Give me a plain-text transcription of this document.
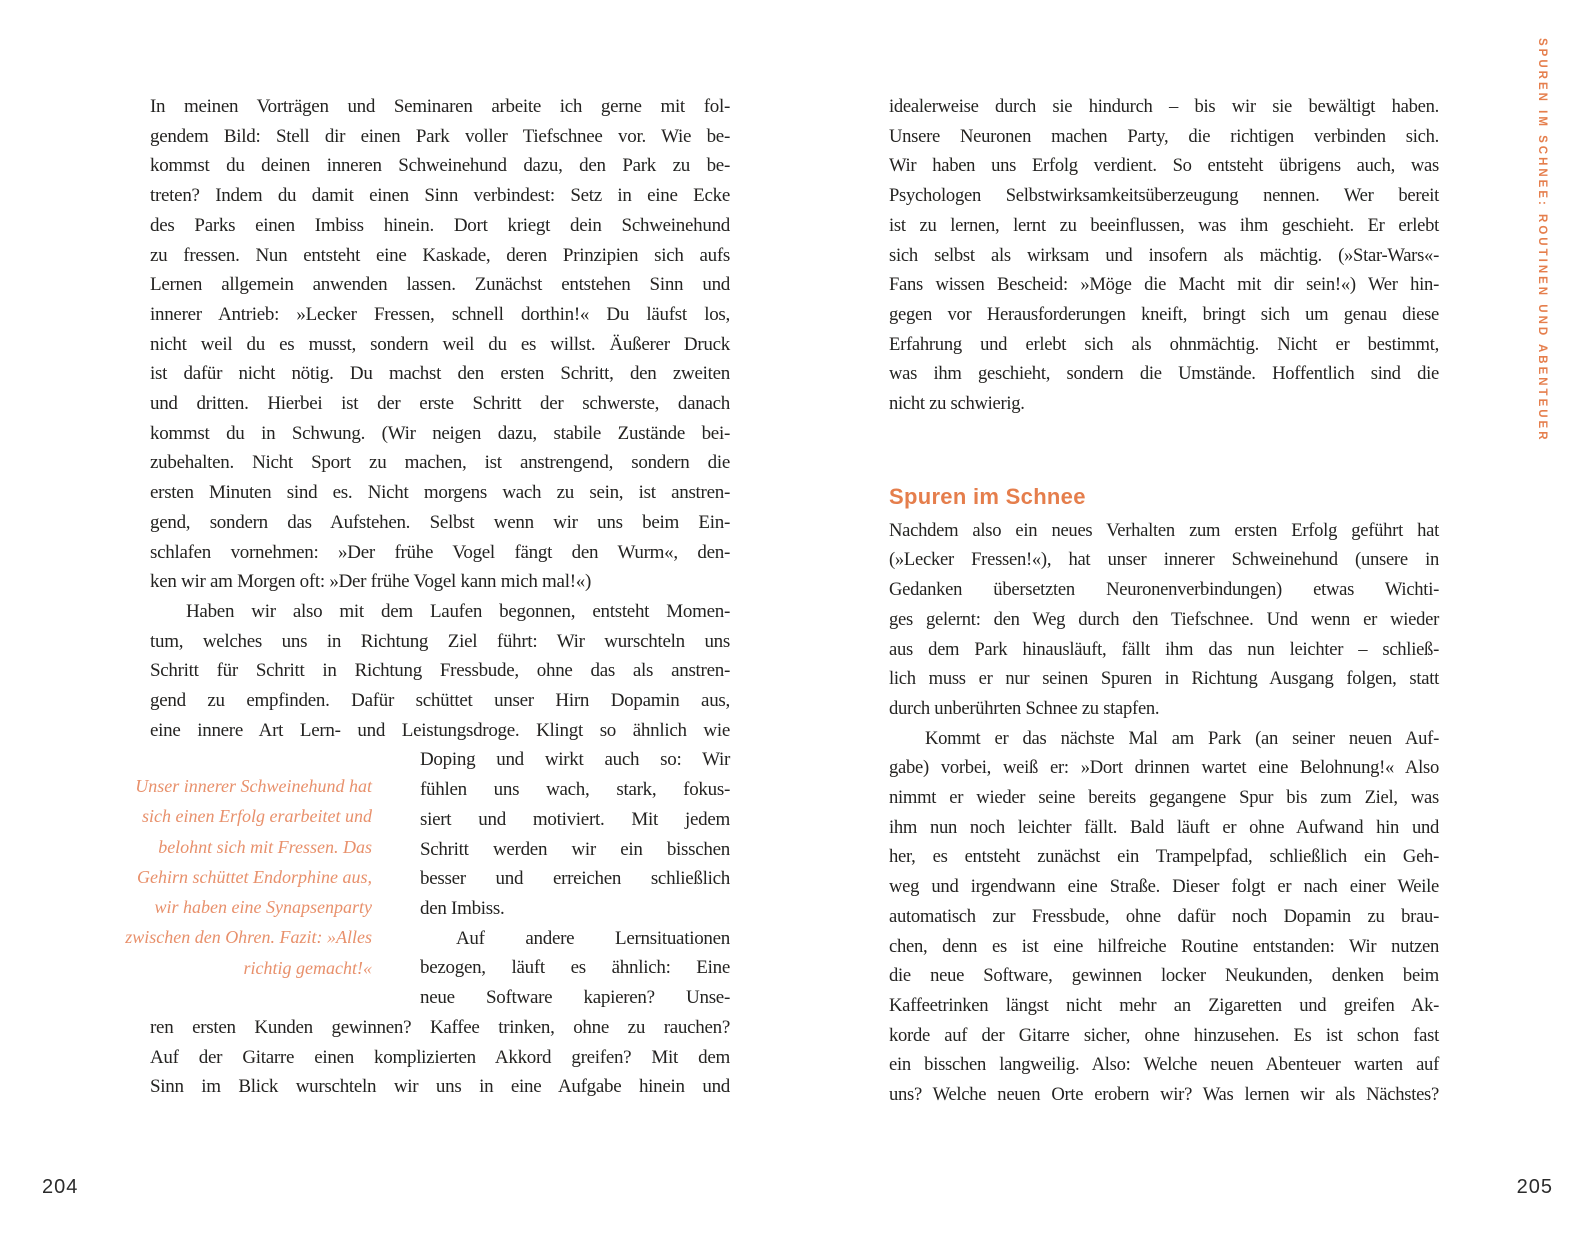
In meinen Vorträgen und Seminaren arbeite ich gerne mit fol-
gendem Bild: Stell dir einen Park voller Tiefschnee vor. Wie be-
kommst du deinen inneren Schweinehund dazu, den Park zu be-
treten? Indem du damit einen Sinn verbindest: Setz in eine Ecke
des Parks einen Imbiss hinein. Dort kriegt dein Schweinehund
zu fressen. Nun entsteht eine Kaskade, deren Prinzipien sich aufs
Lernen allgemein anwenden lassen. Zunächst entstehen Sinn und
innerer Antrieb: »Lecker Fressen, schnell dorthin!« Du läufst los,
nicht weil du es musst, sondern weil du es willst. Äußerer Druck
ist dafür nicht nötig. Du machst den ersten Schritt, den zweiten
und dritten. Hierbei ist der erste Schritt der schwerste, danach
kommst du in Schwung. (Wir neigen dazu, stabile Zustände bei-
zubehalten. Nicht Sport zu machen, ist anstrengend, sondern die
ersten Minuten sind es. Nicht morgens wach zu sein, ist anstren-
gend, sondern das Aufstehen. Selbst wenn wir uns beim Ein-
schlafen vornehmen: »Der frühe Vogel fängt den Wurm«, den-
ken wir am Morgen oft: »Der frühe Vogel kann mich mal!«)
Haben wir also mit dem Laufen begonnen, entsteht Momen-
tum, welches uns in Richtung Ziel führt: Wir wurschteln uns
Schritt für Schritt in Richtung Fressbude, ohne das als anstren-
gend zu empfinden. Dafür schüttet unser Hirn Dopamin aus,
eine innere Art Lern- und Leistungsdroge. Klingt so ähnlich wie
Doping und wirkt auch so: Wir
fühlen uns wach, stark, fokus-
siert und motiviert. Mit jedem
Schritt werden wir ein bisschen
besser und erreichen schließlich
den Imbiss.
Auf andere Lernsituationen
bezogen, läuft es ähnlich: Eine
neue Software kapieren? Unse-
ren ersten Kunden gewinnen? Kaffee trinken, ohne zu rauchen?
Auf der Gitarre einen komplizierten Akkord greifen? Mit dem
Sinn im Blick wurschteln wir uns in eine Aufgabe hinein und
Unser innerer Schweinehund hat
sich einen Erfolg erarbeitet und
belohnt sich mit Fressen. Das
Gehirn schüttet Endorphine aus,
wir haben eine Synapsenparty
zwischen den Ohren. Fazit: »Alles
richtig gemacht!«
204
idealerweise durch sie hindurch – bis wir sie bewältigt haben.
Unsere Neuronen machen Party, die richtigen verbinden sich.
Wir haben uns Erfolg verdient. So entsteht übrigens auch, was
Psychologen Selbstwirksamkeitsüberzeugung nennen. Wer bereit
ist zu lernen, lernt zu beeinflussen, was ihm geschieht. Er erlebt
sich selbst als wirksam und insofern als mächtig. (»Star-Wars«-
Fans wissen Bescheid: »Möge die Macht mit dir sein!«) Wer hin-
gegen vor Herausforderungen kneift, bringt sich um genau diese
Erfahrung und erlebt sich als ohnmächtig. Nicht er bestimmt,
was ihm geschieht, sondern die Umstände. Hoffentlich sind die
nicht zu schwierig.
Spuren im Schnee
Nachdem also ein neues Verhalten zum ersten Erfolg geführt hat
(»Lecker Fressen!«), hat unser innerer Schweinehund (unsere in
Gedanken übersetzten Neuronenverbindungen) etwas Wichti-
ges gelernt: den Weg durch den Tiefschnee. Und wenn er wieder
aus dem Park hinausläuft, fällt ihm das nun leichter – schließ-
lich muss er nur seinen Spuren in Richtung Ausgang folgen, statt
durch unberührten Schnee zu stapfen.
Kommt er das nächste Mal am Park (an seiner neuen Auf-
gabe) vorbei, weiß er: »Dort drinnen wartet eine Belohnung!« Also
nimmt er wieder seine bereits gegangene Spur bis zum Ziel, was
ihm nun noch leichter fällt. Bald läuft er ohne Aufwand hin und
her, es entsteht zunächst ein Trampelpfad, schließlich ein Geh-
weg und irgendwann eine Straße. Dieser folgt er nach einer Weile
automatisch zur Fressbude, ohne dafür noch Dopamin zu brau-
chen, denn es ist eine hilfreiche Routine entstanden: Wir nutzen
die neue Software, gewinnen locker Neukunden, denken beim
Kaffeetrinken längst nicht mehr an Zigaretten und greifen Ak-
korde auf der Gitarre sicher, ohne hinzusehen. Es ist schon fast
ein bisschen langweilig. Also: Welche neuen Abenteuer warten auf
uns? Welche neuen Orte erobern wir? Was lernen wir als Nächstes?
205
SPUREN IM SCHNEE: ROUTINEN UND ABENTEUER
